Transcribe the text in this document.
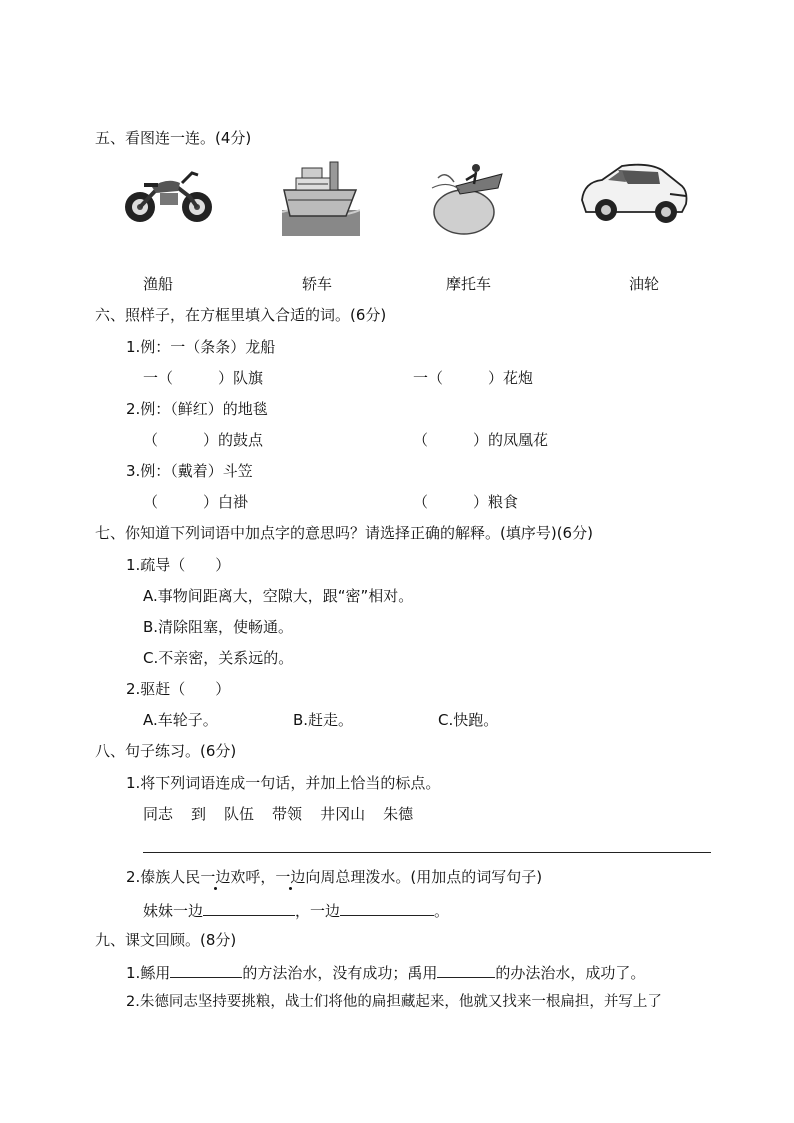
五、看图连一连。(4分)
渔船	轿车	摩托车	油轮
六、照样子，在方框里填入合适的词。(6分)
1.例：一（条条）龙船
一（　　　）队旗	一（　　　）花炮
2.例：（鲜红）的地毯
（　　　）的鼓点	（　　　）的凤凰花
3.例：（戴着）斗笠
（　　　）白褂	（　　　）粮食
七、你知道下列词语中加点字的意思吗？请选择正确的解释。(填序号)(6分)
1.疏导（　　）
A.事物间距离大，空隙大，跟“密”相对。
B.清除阻塞，使畅通。
C.不亲密，关系远的。
2.驱赶（　　）
A.车轮子。	B.赶走。	C.快跑。
八、句子练习。(6分)
1.将下列词语连成一句话，并加上恰当的标点。
同志 到 队伍 带领 井冈山 朱德
2.傣族人民一边欢呼，一边向周总理泼水。(用加点的词写句子)
妹妹一边	，一边	。
九、课文回顾。(8分)
1.鲧用	的方法治水，没有成功；禹用	的办法治水，成功了。
2.朱德同志坚持要挑粮，战士们将他的扁担藏起来，他就又找来一根扁担，并写上了
